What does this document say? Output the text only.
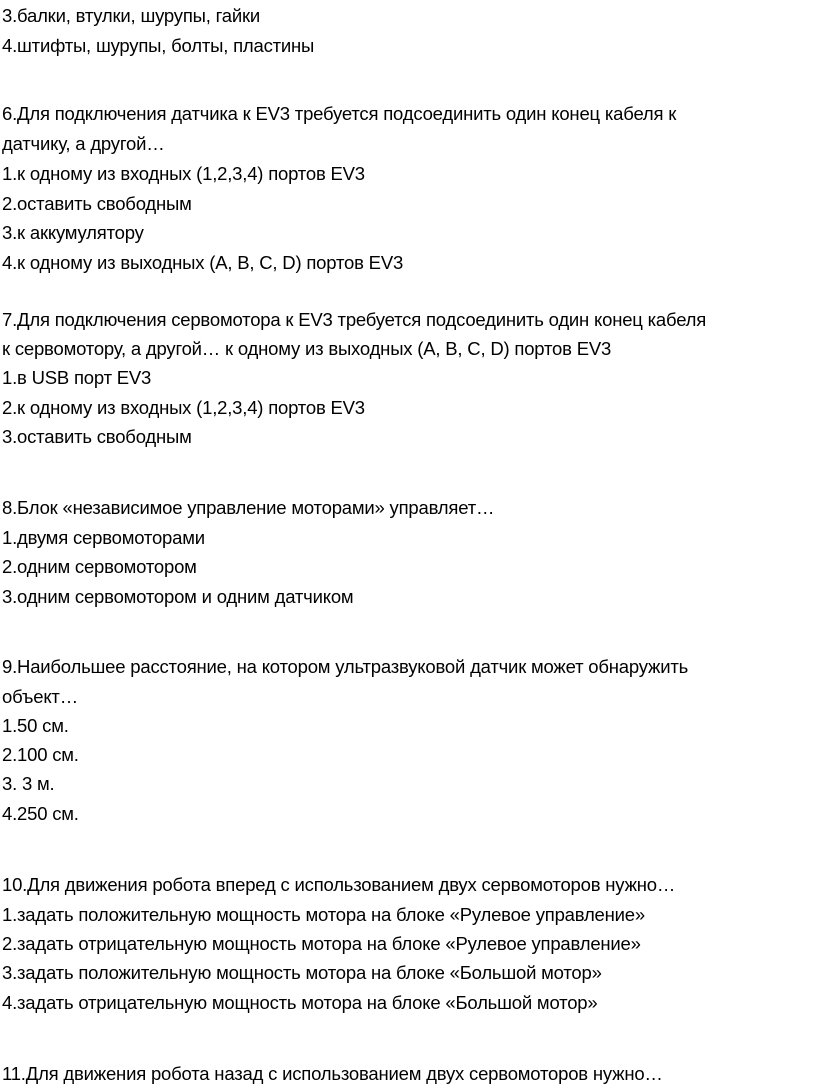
3.балки, втулки, шурупы, гайки

4.штифты, шурупы, болты, пластины

6.Для подключения датчика к EV3 требуется подсоединить один конец кабеля к

датчику, а другой…

1.к одному из входных (1,2,3,4) портов EV3

2.оставить свободным

3.к аккумулятору

4.к одному из выходных (A, B, C, D) портов EV3

7.Для подключения сервомотора к EV3 требуется подсоединить один конец кабеля

к сервомотору, а другой… к одному из выходных (A, B, C, D) портов EV3

1.в USB порт EV3

2.к одному из входных (1,2,3,4) портов EV3

3.оставить свободным

8.Блок «независимое управление моторами» управляет…

1.двумя сервомоторами

2.одним сервомотором

3.одним сервомотором и одним датчиком

9.Наибольшее расстояние, на котором ультразвуковой датчик может обнаружить

объект…

1.50 см.

2.100 см.

3. 3 м.

4.250 см.

10.Для движения робота вперед с использованием двух сервомоторов нужно…

1.задать положительную мощность мотора на блоке «Рулевое управление»

2.задать отрицательную мощность мотора на блоке «Рулевое управление»

3.задать положительную мощность мотора на блоке «Большой мотор»

4.задать отрицательную мощность мотора на блоке «Большой мотор»

11.Для движения робота назад с использованием двух сервомоторов нужно…
